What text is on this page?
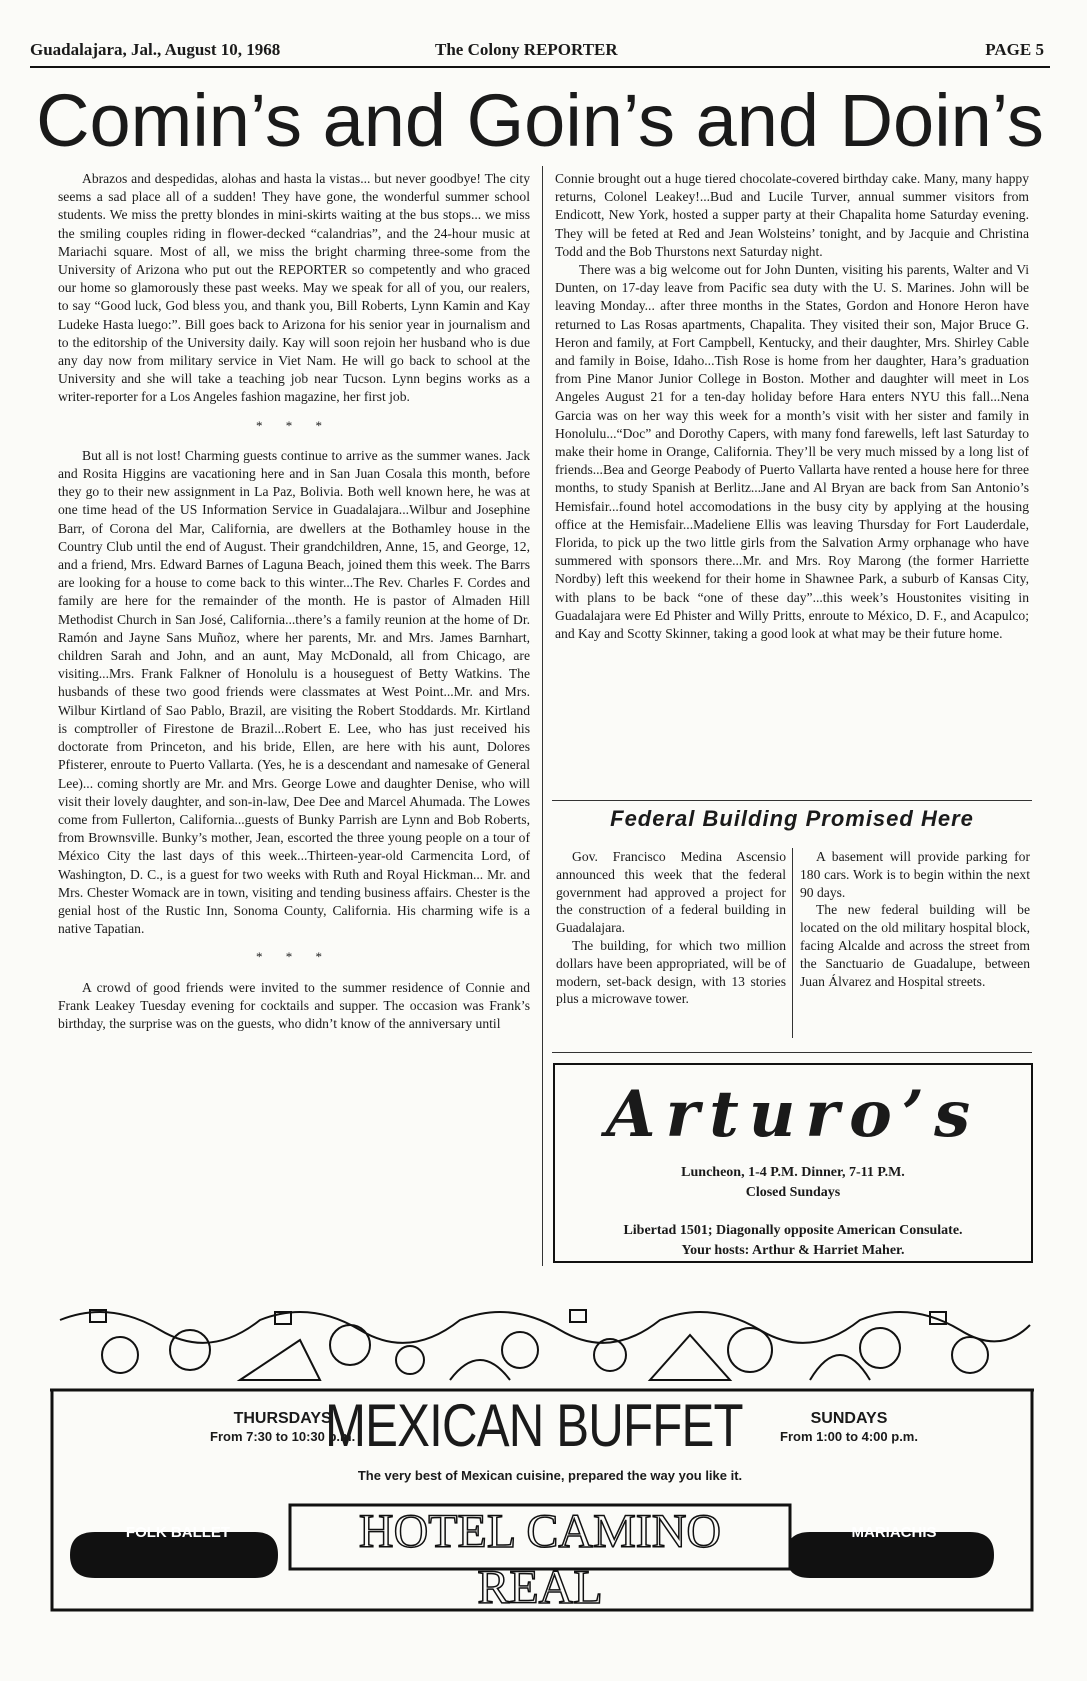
Guadalajara, Jal., August 10, 1968	The Colony REPORTER	PAGE 5
Comin’s and Goin’s and Doin’s

Abrazos and despedidas, alohas and hasta la vistas... but never goodbye! The city seems a sad place all of a sudden! They have gone, the wonderful summer school students. We miss the pretty blondes in mini-skirts waiting at the bus stops... we miss the smiling couples riding in flower-decked “calandrias”, and the 24-hour music at Mariachi square. Most of all, we miss the bright charming three-some from the University of Arizona who put out the REPORTER so competently and who graced our home so glamorously these past weeks. May we speak for all of you, our realers, to say “Good luck, God bless you, and thank you, Bill Roberts, Lynn Kamin and Kay Ludeke Hasta luego:”. Bill goes back to Arizona for his senior year in journalism and to the editorship of the University daily. Kay will soon rejoin her husband who is due any day now from military service in Viet Nam. He will go back to school at the University and she will take a teaching job near Tucson. Lynn begins works as a writer-reporter for a Los Angeles fashion magazine, her first job.

* * *

But all is not lost! Charming guests continue to arrive as the summer wanes. Jack and Rosita Higgins are vacationing here and in San Juan Cosala this month, before they go to their new assignment in La Paz, Bolivia. Both well known here, he was at one time head of the US Information Service in Guadalajara...Wilbur and Josephine Barr, of Corona del Mar, California, are dwellers at the Bothamley house in the Country Club until the end of August. Their grandchildren, Anne, 15, and George, 12, and a friend, Mrs. Edward Barnes of Laguna Beach, joined them this week. The Barrs are looking for a house to come back to this winter...The Rev. Charles F. Cordes and family are here for the remainder of the month. He is pastor of Almaden Hill Methodist Church in San José, California...there’s a family reunion at the home of Dr. Ramón and Jayne Sans Muñoz, where her parents, Mr. and Mrs. James Barnhart, children Sarah and John, and an aunt, May McDonald, all from Chicago, are visiting...Mrs. Frank Falkner of Honolulu is a houseguest of Betty Watkins. The husbands of these two good friends were classmates at West Point...Mr. and Mrs. Wilbur Kirtland of Sao Pablo, Brazil, are visiting the Robert Stoddards. Mr. Kirtland is comptroller of Firestone de Brazil...Robert E. Lee, who has just received his doctorate from Princeton, and his bride, Ellen, are here with his aunt, Dolores Pfisterer, enroute to Puerto Vallarta. (Yes, he is a descendant and namesake of General Lee)... coming shortly are Mr. and Mrs. George Lowe and daughter Denise, who will visit their lovely daughter, and son-in-law, Dee Dee and Marcel Ahumada. The Lowes come from Fullerton, California...guests of Bunky Parrish are Lynn and Bob Roberts, from Brownsville. Bunky’s mother, Jean, escorted the three young people on a tour of México City the last days of this week...Thirteen-year-old Carmencita Lord, of Washington, D. C., is a guest for two weeks with Ruth and Royal Hickman... Mr. and Mrs. Chester Womack are in town, visiting and tending business affairs. Chester is the genial host of the Rustic Inn, Sonoma County, California. His charming wife is a native Tapatian.

* * *

A crowd of good friends were invited to the summer residence of Connie and Frank Leakey Tuesday evening for cocktails and supper. The occasion was Frank’s birthday, the surprise was on the guests, who didn’t know of the anniversary until

Connie brought out a huge tiered chocolate-covered birthday cake. Many, many happy returns, Colonel Leakey!...Bud and Lucile Turver, annual summer visitors from Endicott, New York, hosted a supper party at their Chapalita home Saturday evening. They will be feted at Red and Jean Wolsteins’ tonight, and by Jacquie and Christina Todd and the Bob Thurstons next Saturday night.

There was a big welcome out for John Dunten, visiting his parents, Walter and Vi Dunten, on 17-day leave from Pacific sea duty with the U. S. Marines. John will be leaving Monday... after three months in the States, Gordon and Honore Heron have returned to Las Rosas apartments, Chapalita. They visited their son, Major Bruce G. Heron and family, at Fort Campbell, Kentucky, and their daughter, Mrs. Shirley Cable and family in Boise, Idaho...Tish Rose is home from her daughter, Hara’s graduation from Pine Manor Junior College in Boston. Mother and daughter will meet in Los Angeles August 21 for a ten-day holiday before Hara enters NYU this fall...Nena Garcia was on her way this week for a month’s visit with her sister and family in Honolulu...“Doc” and Dorothy Capers, with many fond farewells, left last Saturday to make their home in Orange, California. They’ll be very much missed by a long list of friends...Bea and George Peabody of Puerto Vallarta have rented a house here for three months, to study Spanish at Berlitz...Jane and Al Bryan are back from San Antonio’s Hemisfair...found hotel accomodations in the busy city by applying at the housing office at the Hemisfair...Madeliene Ellis was leaving Thursday for Fort Lauderdale, Florida, to pick up the two little girls from the Salvation Army orphanage who have summered with sponsors there...Mr. and Mrs. Roy Marong (the former Harriette Nordby) left this weekend for their home in Shawnee Park, a suburb of Kansas City, with plans to be back “one of these day”...this week’s Houstonites visiting in Guadalajara were Ed Phister and Willy Pritts, enroute to México, D. F., and Acapulco; and Kay and Scotty Skinner, taking a good look at what may be their future home.

Federal Building Promised Here

Gov. Francisco Medina Ascensio announced this week that the federal government had approved a project for the construction of a federal building in Guadalajara.

The building, for which two million dollars have been appropriated, will be of modern, set-back design, with 13 stories plus a microwave tower.

A basement will provide parking for 180 cars. Work is to begin within the next 90 days.

The new federal building will be located on the old military hospital block, facing Alcalde and across the street from the Sanctuario de Guadalupe, between Juan Álvarez and Hospital streets.

Arturo’s
Luncheon, 1-4 P.M. Dinner, 7-11 P.M.
Closed Sundays
Libertad 1501; Diagonally opposite American Consulate.
Your hosts: Arthur & Harriet Maher.
THURSDAYS
From 7:30 to 10:30 p.m.
MEXICAN BUFFET	SUNDAYS
From 1:00 to 4:00 p.m.
The very best of Mexican cuisine, prepared the way you like it.
FOLK BALLET	HOTEL CAMINO REAL
MARIACHIS
